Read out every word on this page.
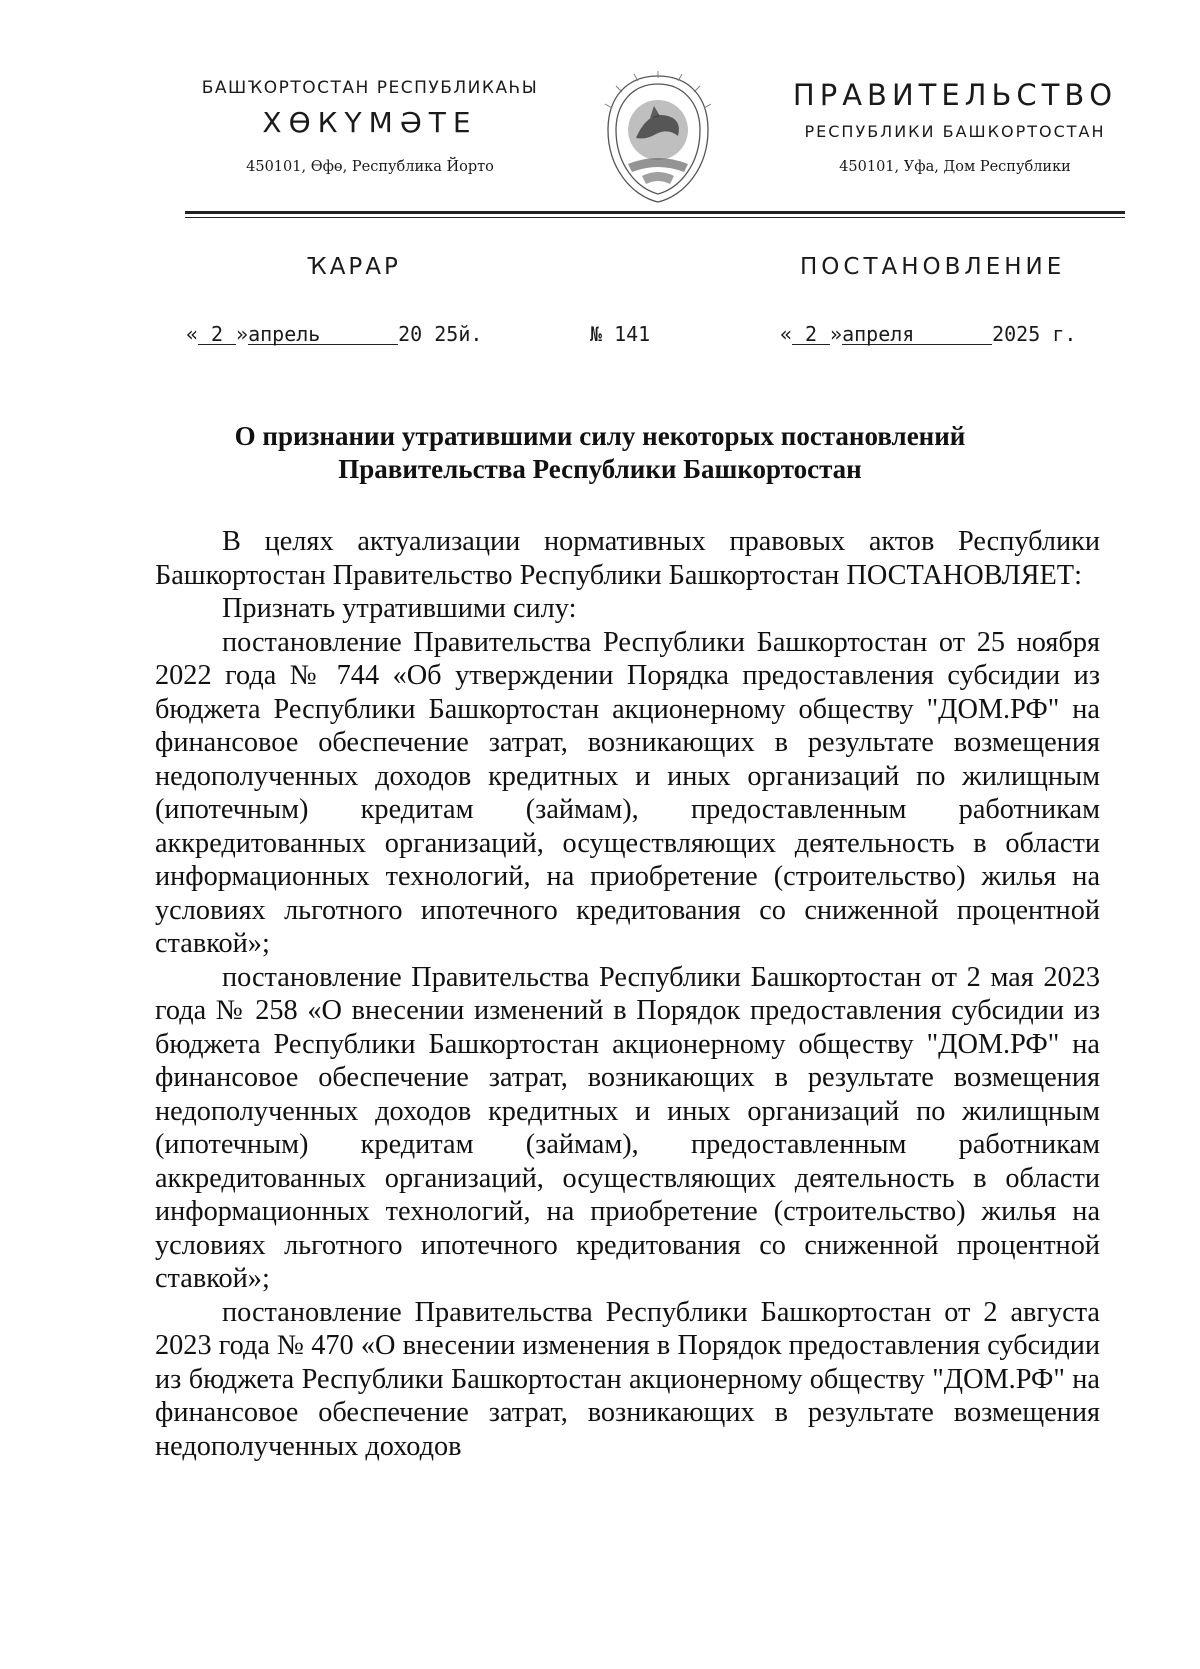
БАШҠОРТОСТАН РЕСПУБЛИКАҺЫ
ХӨКҮМӘТЕ
450101, Өфө, Республика Йорто
ПРАВИТЕЛЬСТВО
РЕСПУБЛИКИ БАШКОРТОСТАН
450101, Уфа, Дом Республики
ҠАРАР	ПОСТАНОВЛЕНИЕ
« 2 »апрель	20 25й.	№ 141	« 2 »апреля	2025 г.
О признании утратившими силу некоторых постановлений
Правительства Республики Башкортостан

В целях актуализации нормативных правовых актов Республики Башкортостан Правительство Республики Башкортостан ПОСТАНОВЛЯЕТ:

Признать утратившими силу:

постановление Правительства Республики Башкортостан от 25 ноября 2022 года № 744 «Об утверждении Порядка предоставления субсидии из бюджета Республики Башкортостан акционерному обществу "ДОМ.РФ" на финансовое обеспечение затрат, возникающих в результате возмещения недополученных доходов кредитных и иных организаций по жилищным (ипотечным) кредитам (займам), предоставленным работникам аккредитованных организаций, осуществляющих деятельность в области информационных технологий, на приобретение (строительство) жилья на условиях льготного ипотечного кредитования со сниженной процентной ставкой»;

постановление Правительства Республики Башкортостан от 2 мая 2023 года № 258 «О внесении изменений в Порядок предоставления субсидии из бюджета Республики Башкортостан акционерному обществу "ДОМ.РФ" на финансовое обеспечение затрат, возникающих в результате возмещения недополученных доходов кредитных и иных организаций по жилищным (ипотечным) кредитам (займам), предоставленным работникам аккредитованных организаций, осуществляющих деятельность в области информационных технологий, на приобретение (строительство) жилья на условиях льготного ипотечного кредитования со сниженной процентной ставкой»;

постановление Правительства Республики Башкортостан от 2 августа 2023 года № 470 «О внесении изменения в Порядок предоставления субсидии из бюджета Республики Башкортостан акционерному обществу "ДОМ.РФ" на финансовое обеспечение затрат, возникающих в результате возмещения недополученных доходов
